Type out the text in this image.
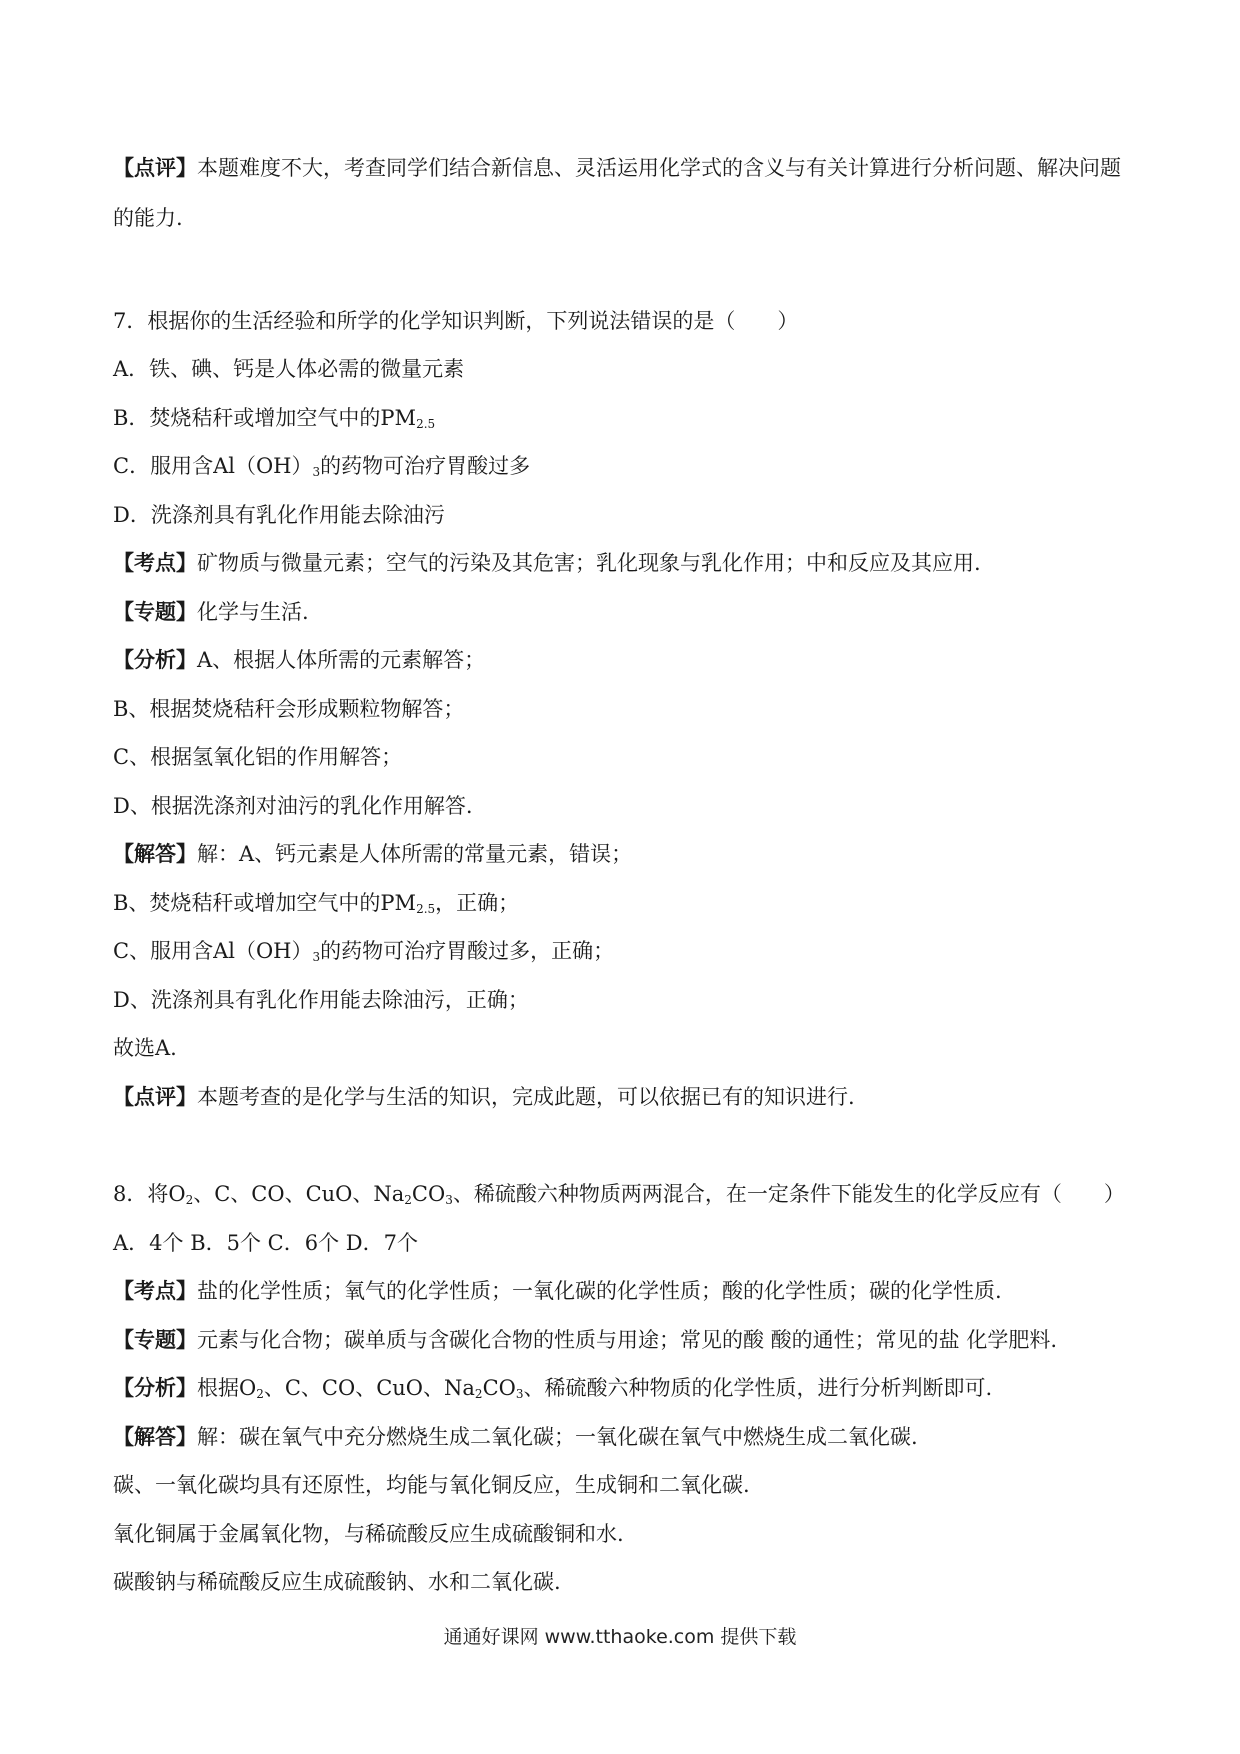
【点评】本题难度不大，考查同学们结合新信息、灵活运用化学式的含义与有关计算进行分析问题、解决问题的能力.
7．根据你的生活经验和所学的化学知识判断，下列说法错误的是（　　）
A．铁、碘、钙是人体必需的微量元素
B．焚烧秸秆或增加空气中的$PM_{2.5}$
C．服用含$Al(OH)_3$的药物可治疗胃酸过多
D．洗涤剂具有乳化作用能去除油污
【考点】矿物质与微量元素；空气的污染及其危害；乳化现象与乳化作用；中和反应及其应用.
【专题】化学与生活.
【分析】A、根据人体所需的元素解答；
B、根据焚烧秸秆会形成颗粒物解答；
C、根据氢氧化铝的作用解答；
D、根据洗涤剂对油污的乳化作用解答.
【解答】解：A、钙元素是人体所需的常量元素，错误；
B、焚烧秸秆或增加空气中的$PM_{2.5}$，正确；
C、服用含$Al(OH)_3$的药物可治疗胃酸过多，正确；
D、洗涤剂具有乳化作用能去除油污，正确；
故选A.
【点评】本题考查的是化学与生活的知识，完成此题，可以依据已有的知识进行.
8．将$O_2$、C、CO、CuO、$Na_2CO_3$、稀硫酸六种物质两两混合，在一定条件下能发生的化学反应有（　　）
A．4个 B．5个 C．6个 D．7个
【考点】盐的化学性质；氧气的化学性质；一氧化碳的化学性质；酸的化学性质；碳的化学性质.
【专题】元素与化合物；碳单质与含碳化合物的性质与用途；常见的酸 酸的通性；常见的盐 化学肥料.
【分析】根据$O_2$、C、CO、CuO、$Na_2CO_3$、稀硫酸六种物质的化学性质，进行分析判断即可.
【解答】解：碳在氧气中充分燃烧生成二氧化碳；一氧化碳在氧气中燃烧生成二氧化碳.
碳、一氧化碳均具有还原性，均能与氧化铜反应，生成铜和二氧化碳.
氧化铜属于金属氧化物，与稀硫酸反应生成硫酸铜和水.
碳酸钠与稀硫酸反应生成硫酸钠、水和二氧化碳.
通通好课网 www.tthaoke.com 提供下载
